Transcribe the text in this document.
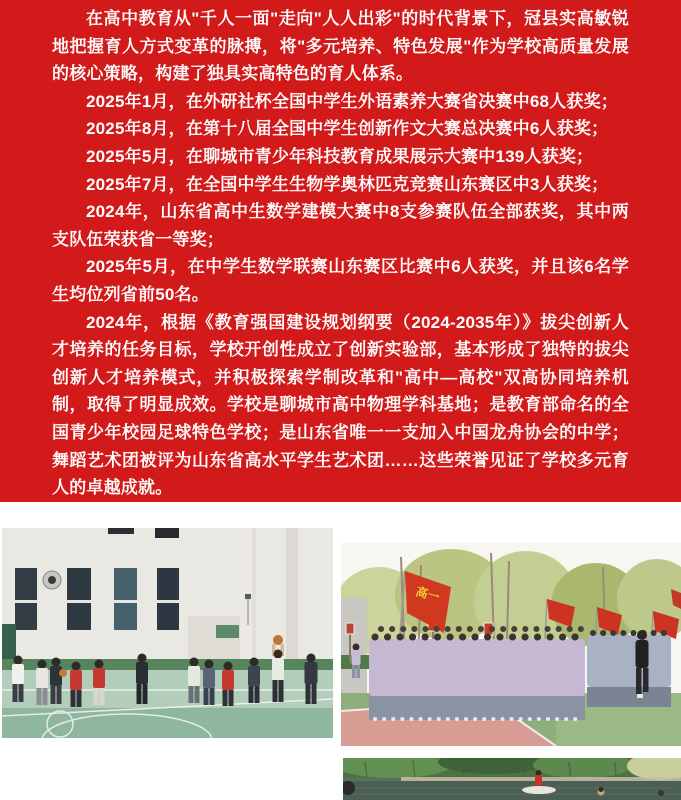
在高中教育从"千人一面"走向"人人出彩"的时代背景下，冠县实高敏锐地把握育人方式变革的脉搏，将"多元培养、特色发展"作为学校高质量发展的核心策略，构建了独具实高特色的育人体系。

2025年1月，在外研社杯全国中学生外语素养大赛省决赛中68人获奖；

2025年8月，在第十八届全国中学生创新作文大赛总决赛中6人获奖；

2025年5月，在聊城市青少年科技教育成果展示大赛中139人获奖；

2025年7月，在全国中学生生物学奥林匹克竞赛山东赛区中3人获奖；

2024年，山东省高中生数学建模大赛中8支参赛队伍全部获奖，其中两支队伍荣获省一等奖；

2025年5月，在中学生数学联赛山东赛区比赛中6人获奖，并且该6名学生均位列省前50名。

2024年，根据《教育强国建设规划纲要（2024-2035年）》拔尖创新人才培养的任务目标，学校开创性成立了创新实验部，基本形成了独特的拔尖创新人才培养模式，并积极探索学制改革和"高中—高校"双高协同培养机制，取得了明显成效。学校是聊城市高中物理学科基地；是教育部命名的全国青少年校园足球特色学校；是山东省唯一一支加入中国龙舟协会的中学；舞蹈艺术团被评为山东省高水平学生艺术团……这些荣誉见证了学校多元育人的卓越成就。

高一
